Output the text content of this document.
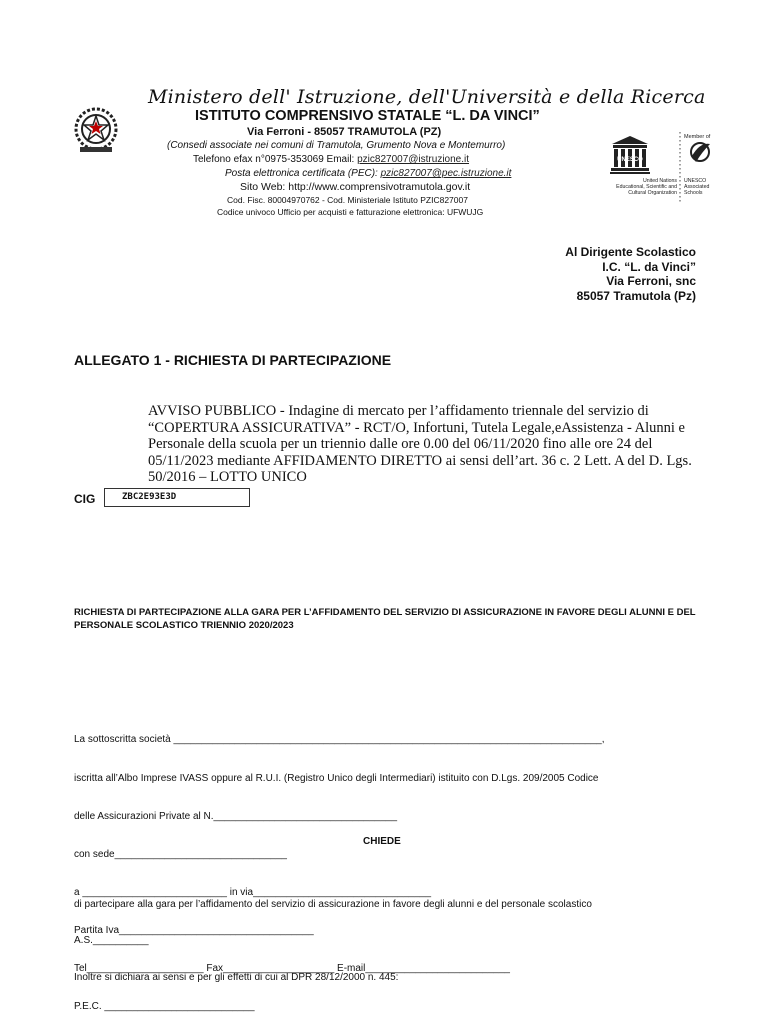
Ministero dell' Istruzione, dell'Università e della Ricerca
ISTITUTO COMPRENSIVO STATALE “L. DA VINCI”
Via Ferroni - 85057 TRAMUTOLA (PZ)
(Consedi associate nei comuni di Tramutola, Grumento Nova e Montemurro)
Telefono efax n°0975-353069 Email: pzic827007@istruzione.it
Posta elettronica certificata (PEC): pzic827007@pec.istruzione.it
Sito Web: http://www.comprensivotramutola.gov.it
Cod. Fisc. 80004970762 - Cod. Ministeriale Istituto PZIC827007
Codice univoco Ufficio per acquisti e fatturazione elettronica: UFWUJG
UNESCO
Member of
United Nations
Educational, Scientific and
Cultural Organization
UNESCO
Associated
Schools
Al Dirigente Scolastico
I.C. “L. da Vinci”
Via Ferroni, snc
85057 Tramutola (Pz)
ALLEGATO 1 - RICHIESTA DI PARTECIPAZIONE
AVVISO PUBBLICO - Indagine di mercato per l’affidamento triennale del servizio di “COPERTURA ASSICURATIVA” - RCT/O, Infortuni, Tutela Legale,eAssistenza - Alunni e Personale della scuola per un triennio dalle ore 0.00 del 06/11/2020 fino alle ore 24 del 05/11/2023 mediante AFFIDAMENTO DIRETTO ai sensi dell’art. 36 c. 2 Lett. A del D. Lgs. 50/2016 – LOTTO UNICO
CIG	ZBC2E93E3D
RICHIESTA DI PARTECIPAZIONE ALLA GARA PER L’AFFIDAMENTO DEL SERVIZIO DI ASSICURAZIONE IN FAVORE DEGLI ALUNNI E DEL PERSONALE SCOLASTICO TRIENNIO 2020/2023

La sottoscritta società _____________________________________________________________________________,

iscritta all’Albo Imprese IVASS oppure al R.U.I. (Registro Unico degli Intermediari) istituito con D.Lgs. 209/2005 Codice

delle Assicurazioni Private al N._________________________________

con sede_______________________________

a __________________________ in via________________________________

Partita Iva___________________________________

Tel_____________________ Fax____________________ E-mail__________________________

P.E.C. ___________________________

CHIEDE

di partecipare alla gara per l’affidamento del servizio di assicurazione in favore degli alunni e del personale scolastico

A.S.__________

Inoltre si dichiara ai sensi e per gli effetti di cui al DPR 28/12/2000 n. 445:
